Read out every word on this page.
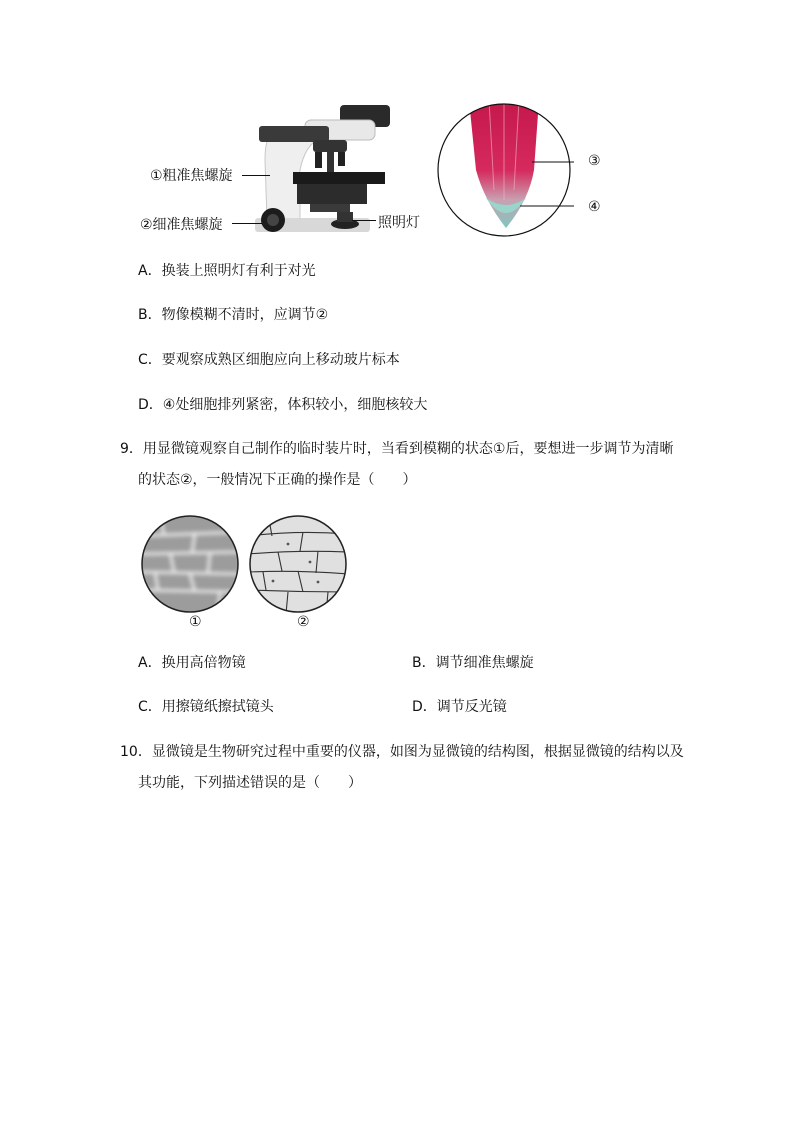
①粗准焦螺旋
②细准焦螺旋	照明灯
③
④
A．换装上照明灯有利于对光
B．物像模糊不清时，应调节②
C．要观察成熟区细胞应向上移动玻片标本
D．④处细胞排列紧密，体积较小，细胞核较大
9．用显微镜观察自己制作的临时装片时，当看到模糊的状态①后，要想进一步调节为清晰
的状态②，一般情况下正确的操作是（　　）
①	②
A．换用高倍物镜	B．调节细准焦螺旋
C．用擦镜纸擦拭镜头	D．调节反光镜
10．显微镜是生物研究过程中重要的仪器，如图为显微镜的结构图，根据显微镜的结构以及
其功能，下列描述错误的是（　　）
